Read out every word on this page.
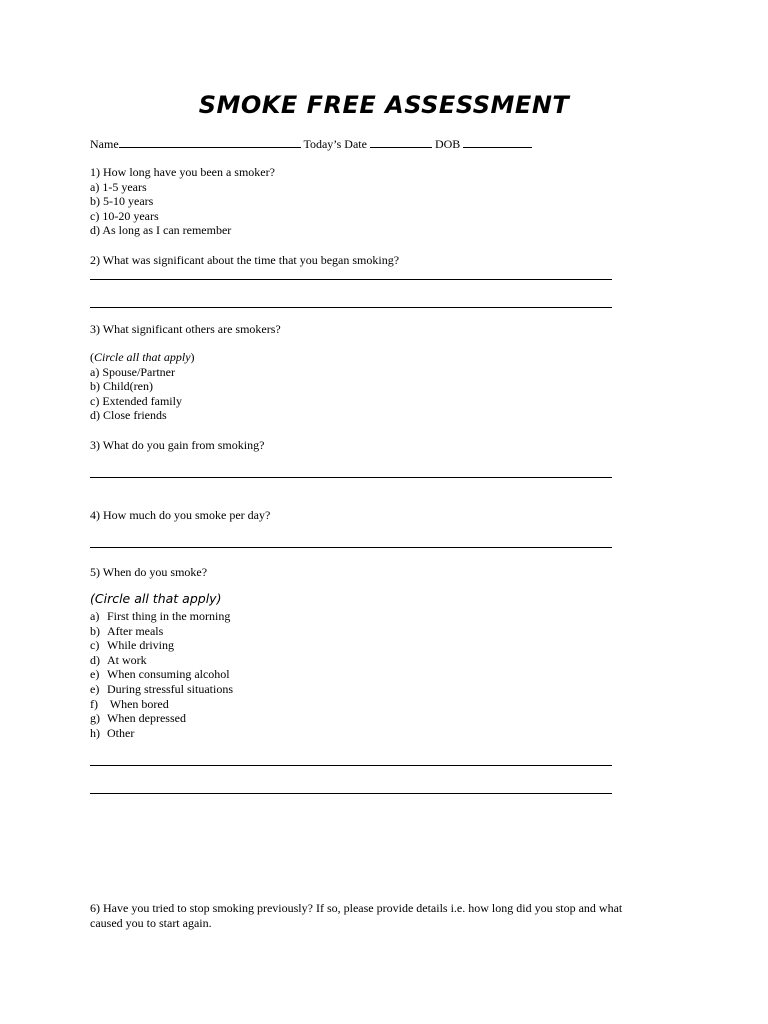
SMOKE FREE ASSESSMENT
Name	Today’s Date	DOB
1) How long have you been a smoker?
a) 1-5 years
b) 5-10 years
c) 10-20 years
d) As long as I can remember
2) What was significant about the time that you began smoking?
3) What significant others are smokers?
(Circle all that apply)
a) Spouse/Partner
b) Child(ren)
c) Extended family
d) Close friends
3) What do you gain from smoking?
4) How much do you smoke per day?
5) When do you smoke?
(Circle all that apply)
a) First thing in the morning
b) After meals
c) While driving
d) At work
e) When consuming alcohol
e) During stressful situations
f) When bored
g) When depressed
h) Other
6) Have you tried to stop smoking previously? If so, please provide details i.e. how long did you stop and what
caused you to start again.
